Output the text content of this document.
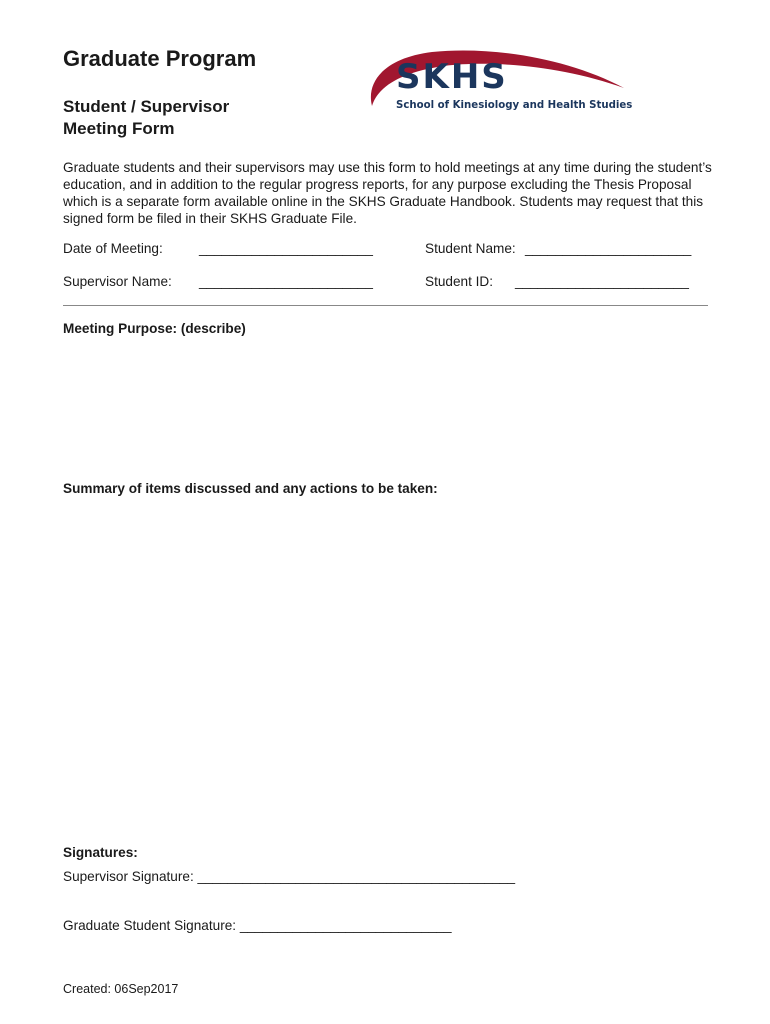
Graduate Program
Student / Supervisor
Meeting Form
SKHS
School of Kinesiology and Health Studies
Graduate students and their supervisors may use this form to hold meetings at any time during the student’s education, and in addition to the regular progress reports, for any purpose excluding the Thesis Proposal which is a separate form available online in the SKHS Graduate Handbook. Students may request that this signed form be filed in their SKHS Graduate File.
Date of Meeting:	_______________________	Student Name: ______________________
Supervisor Name: _______________________	Student ID: _______________________
Meeting Purpose: (describe)
Summary of items discussed and any actions to be taken:
Signatures:
Supervisor Signature: __________________________________________
Graduate Student Signature: ____________________________
Created: 06Sep2017
